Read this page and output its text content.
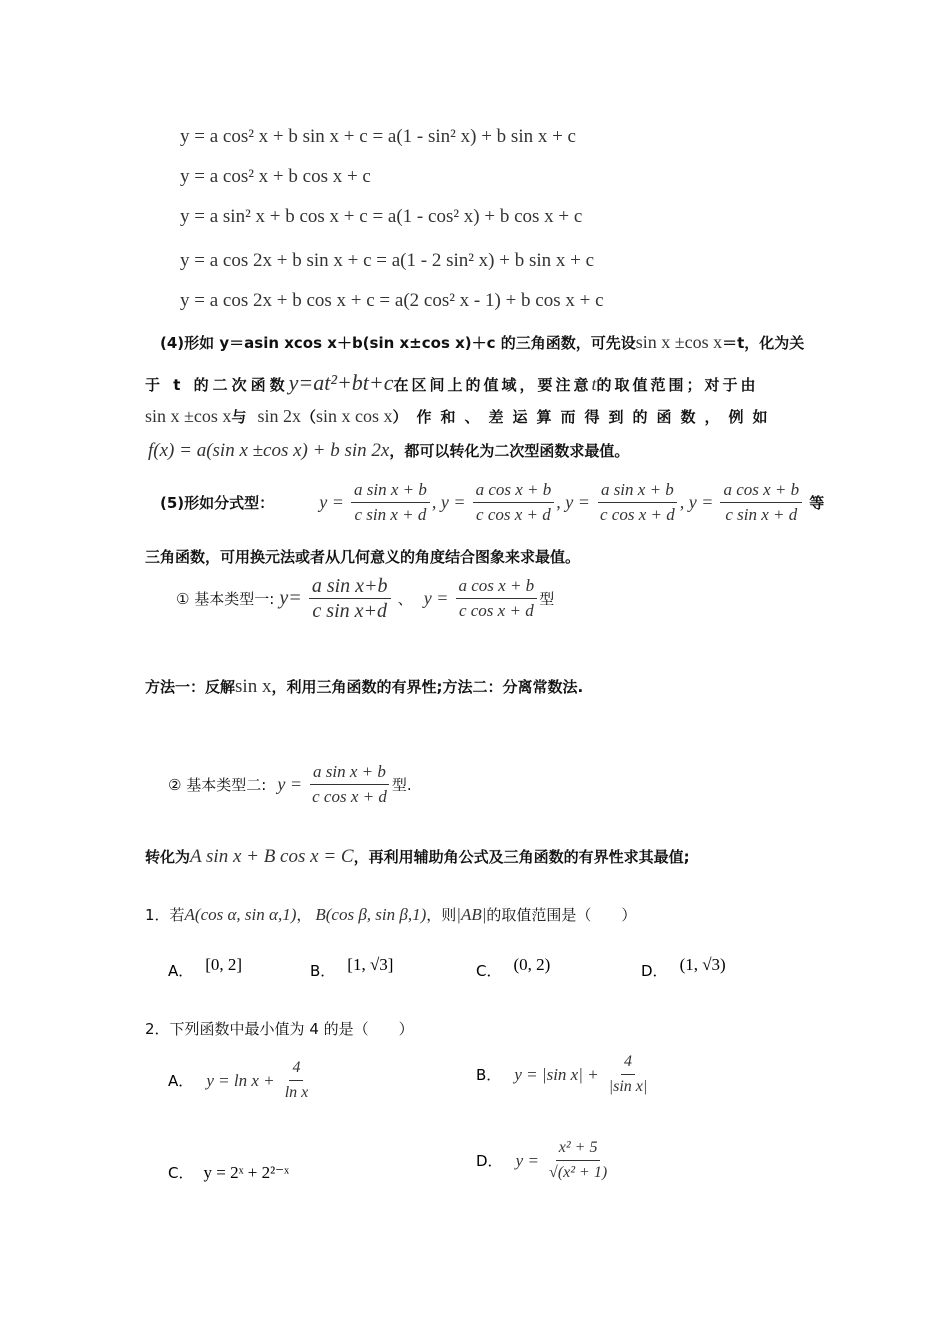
y = a cos² x + b sin x + c = a(1 - sin² x) + b sin x + c
y = a cos² x + b cos x + c
y = a sin² x + b cos x + c = a(1 - cos² x) + b cos x + c
y = a cos 2x + b sin x + c = a(1 - 2 sin² x) + b sin x + c
y = a cos 2x + b cos x + c = a(2 cos² x - 1) + b cos x + c
(4)形如 y＝asin xcos x＋b(sin x±cos x)＋c 的三角函数，可先设sin x ±cos x＝t，化为关
于 t 的二次函数y=at²+bt+c在区间上的值域，要注意t的取值范围；对于由
sin x ±cos x与 sin 2x（sin x cos x）作和、差运算而得到的函数，例如
f(x) = a(sin x ±cos x) + b sin 2x，都可以转化为二次型函数求最值。
(5)形如分式型：	$y = \frac{\text{a sin x + b}}{\text{c sin x + d}}$ , $y = \frac{\text{a cos x + b}}{\text{c cos x + d}}$ , $y = \frac{\text{a sin x + b}}{\text{c cos x + d}}$ , $y = \frac{\text{a cos x + b}}{\text{c sin x + d}}$ 等
三角函数，可用换元法或者从几何意义的角度结合图象来求最值。
① 基本类型一: $y= \frac{\text{a sin x+b}}{\text{c sin x+d}}$ 、 $y = \frac{\text{a cos x + b}}{\text{c cos x + d}}$ 型
方法一：反解sin x，利用三角函数的有界性;方法二：分离常数法.
② 基本类型二: $y = \frac{\text{a sin x + b}}{\text{c cos x + d}}$ 型.
转化为A sin x + B cos x = C，再利用辅助角公式及三角函数的有界性求其最值;
1．若A(cos α, sin α,1)， B(cos β, sin β,1)，则|AB|的取值范围是（　　）
A． [0, 2]	B． [1, √3]	C． (0, 2)	D． (1, √3)
2．下列函数中最小值为 4 的是（　　）
A． $y = \ln x + \frac{4}{\text{ln x}}$	B． y = |sin $x| + \frac{4}{\text{|sin x|}}$
C． y = 2ˣ + 2²⁻ˣ
D． $y = \frac{\text{x² + 5}}{\text{√(x² + 1)}}$
